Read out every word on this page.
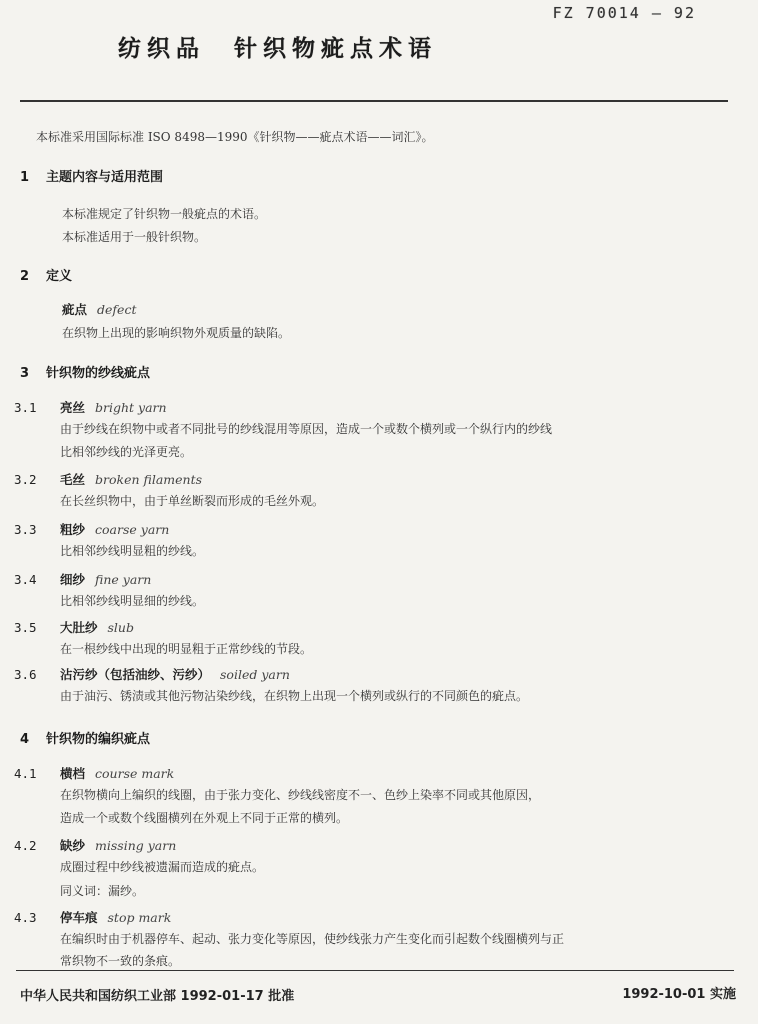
FZ 70014 — 92
纺织品　针织物疵点术语
本标准采用国际标准 ISO 8498—1990《针织物——疵点术语——词汇》。
1 主题内容与适用范围
本标准规定了针织物一般疵点的术语。
本标准适用于一般针织物。
2 定义
疵点 defect
在织物上出现的影响织物外观质量的缺陷。
3 针织物的纱线疵点
3.1 亮丝 bright yarn
由于纱线在织物中或者不同批号的纱线混用等原因，造成一个或数个横列或一个纵行内的纱线
比相邻纱线的光泽更亮。
3.2 毛丝 broken filaments
在长丝织物中，由于单丝断裂而形成的毛丝外观。
3.3 粗纱 coarse yarn
比相邻纱线明显粗的纱线。
3.4 细纱 fine yarn
比相邻纱线明显细的纱线。
3.5 大肚纱 slub
在一根纱线中出现的明显粗于正常纱线的节段。
3.6 沾污纱（包括油纱、污纱） soiled yarn
由于油污、锈渍或其他污物沾染纱线，在织物上出现一个横列或纵行的不同颜色的疵点。
4 针织物的编织疵点
4.1 横档 course mark
在织物横向上编织的线圈，由于张力变化、纱线线密度不一、色纱上染率不同或其他原因，
造成一个或数个线圈横列在外观上不同于正常的横列。
4.2 缺纱 missing yarn
成圈过程中纱线被遗漏而造成的疵点。
同义词：漏纱。
4.3 停车痕 stop mark
在编织时由于机器停车、起动、张力变化等原因，使纱线张力产生变化而引起数个线圈横列与正
常织物不一致的条痕。
中华人民共和国纺织工业部 1992-01-17 批准	1992-10-01 实施
